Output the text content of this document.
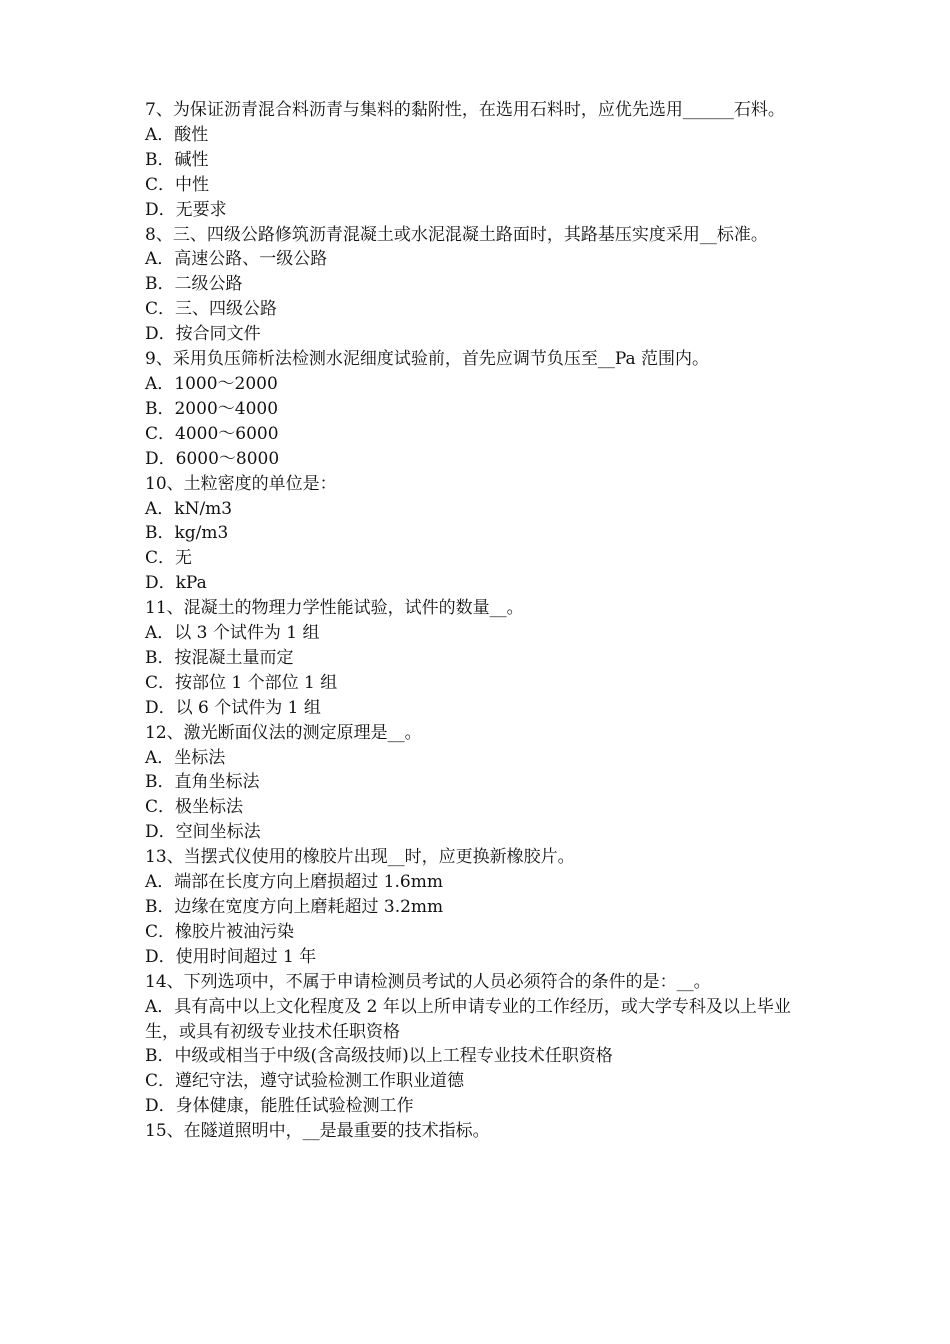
7、为保证沥青混合料沥青与集料的黏附性，在选用石料时，应优先选用______石料。
A．酸性
B．碱性
C．中性
D．无要求
8、三、四级公路修筑沥青混凝土或水泥混凝土路面时，其路基压实度采用__标准。
A．高速公路、一级公路
B．二级公路
C．三、四级公路
D．按合同文件
9、采用负压筛析法检测水泥细度试验前，首先应调节负压至__Pa 范围内。
A．1000～2000
B．2000～4000
C．4000～6000
D．6000～8000
10、土粒密度的单位是：
A．kN/m3
B．kg/m3
C．无
D．kPa
11、混凝土的物理力学性能试验，试件的数量__。
A．以 3 个试件为 1 组
B．按混凝土量而定
C．按部位 1 个部位 1 组
D．以 6 个试件为 1 组
12、激光断面仪法的测定原理是__。
A．坐标法
B．直角坐标法
C．极坐标法
D．空间坐标法
13、当摆式仪使用的橡胶片出现__时，应更换新橡胶片。
A．端部在长度方向上磨损超过 1.6mm
B．边缘在宽度方向上磨耗超过 3.2mm
C．橡胶片被油污染
D．使用时间超过 1 年
14、下列选项中，不属于申请检测员考试的人员必须符合的条件的是：__。
A．具有高中以上文化程度及 2 年以上所申请专业的工作经历，或大学专科及以上毕业生，或具有初级专业技术任职资格
B．中级或相当于中级(含高级技师)以上工程专业技术任职资格
C．遵纪守法，遵守试验检测工作职业道德
D．身体健康，能胜任试验检测工作
15、在隧道照明中，__是最重要的技术指标。
